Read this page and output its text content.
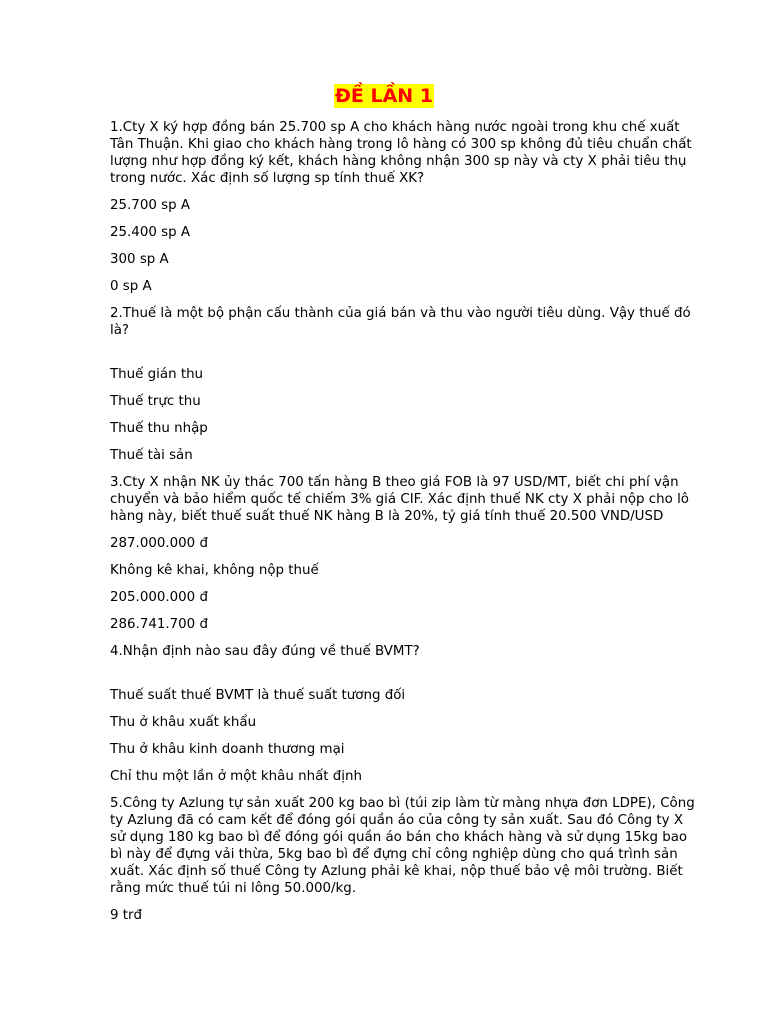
ĐỀ LẦN 1
1.Cty X ký hợp đồng bán 25.700 sp A cho khách hàng nước ngoài trong khu chế xuất Tân Thuận. Khi giao cho khách hàng trong lô hàng có 300 sp không đủ tiêu chuẩn chất lượng như hợp đồng ký kết, khách hàng không nhận 300 sp này và cty X phải tiêu thụ trong nước. Xác định số lượng sp tính thuế XK?
25.700 sp A
25.400 sp A
300 sp A
0 sp A
2.Thuế là một bộ phận cấu thành của giá bán và thu vào người tiêu dùng. Vậy thuế đó là?
Thuế gián thu
Thuế trực thu
Thuế thu nhập
Thuế tài sản
3.Cty X nhận NK ủy thác 700 tấn hàng B theo giá FOB là 97 USD/MT, biết chi phí vận chuyển và bảo hiểm quốc tế chiếm 3% giá CIF. Xác định thuế NK cty X phải nộp cho lô hàng này, biết thuế suất thuế NK hàng B là 20%, tỷ giá tính thuế 20.500 VND/USD
287.000.000 đ
Không kê khai, không nộp thuế
205.000.000 đ
286.741.700 đ
4.Nhận định nào sau đây đúng về thuế BVMT?
Thuế suất thuế BVMT là thuế suất tương đối
Thu ở khâu xuất khẩu
Thu ở khâu kinh doanh thương mại
Chỉ thu một lần ở một khâu nhất định
5.Công ty Azlung tự sản xuất 200 kg bao bì (túi zip làm từ màng nhựa đơn LDPE), Công ty Azlung đã có cam kết để đóng gói quần áo của công ty sản xuất. Sau đó Công ty X sử dụng 180 kg bao bì để đóng gói quần áo bán cho khách hàng và sử dụng 15kg bao bì này để đựng vải thừa, 5kg bao bì để đựng chỉ công nghiệp dùng cho quá trình sản xuất. Xác định số thuế Công ty Azlung phải kê khai, nộp thuế bảo vệ môi trường. Biết rằng mức thuế túi ni lông 50.000/kg.
9 trđ
